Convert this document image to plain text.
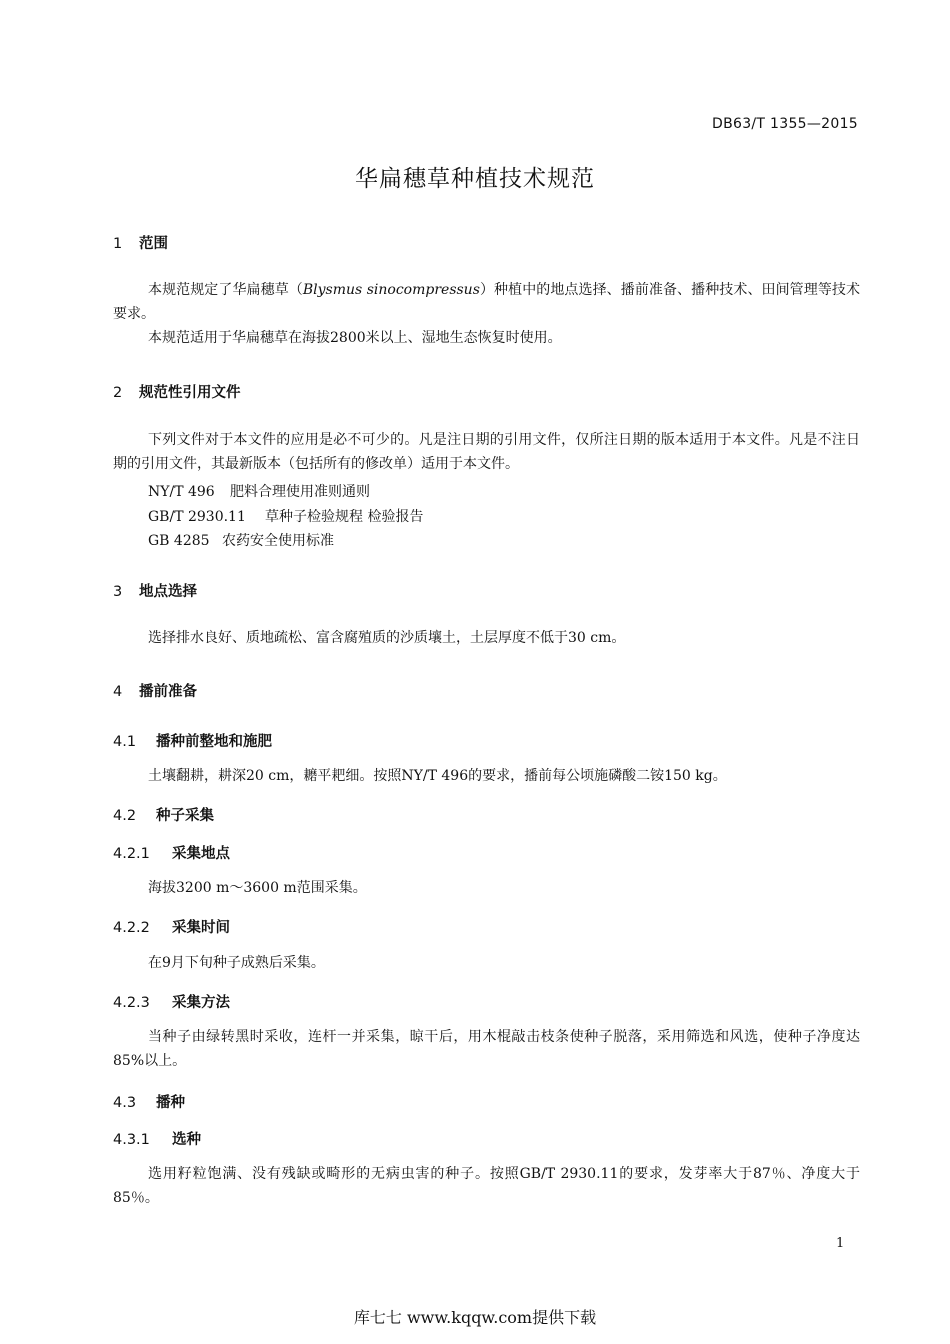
DB63/T 1355—2015
华扁穗草种植技术规范
1 范围
本规范规定了华扁穗草（Blysmus sinocompressus）种植中的地点选择、播前准备、播种技术、田间管理等技术要求。
本规范适用于华扁穗草在海拔2800米以上、湿地生态恢复时使用。
2 规范性引用文件
下列文件对于本文件的应用是必不可少的。凡是注日期的引用文件，仅所注日期的版本适用于本文件。凡是不注日期的引用文件，其最新版本（包括所有的修改单）适用于本文件。
NY/T 496 肥料合理使用准则通则
GB/T 2930.11 草种子检验规程 检验报告
GB 4285 农药安全使用标准
3 地点选择
选择排水良好、质地疏松、富含腐殖质的沙质壤土，土层厚度不低于30 cm。
4 播前准备
4.1 播种前整地和施肥
土壤翻耕，耕深20 cm，耱平耙细。按照NY/T 496的要求，播前每公顷施磷酸二铵150 kg。
4.2 种子采集
4.2.1 采集地点
海拔3200 m～3600 m范围采集。
4.2.2 采集时间
在9月下旬种子成熟后采集。
4.2.3 采集方法
当种子由绿转黑时采收，连杆一并采集，晾干后，用木棍敲击枝条使种子脱落，采用筛选和风选，使种子净度达85%以上。
4.3 播种
4.3.1 选种
选用籽粒饱满、没有残缺或畸形的无病虫害的种子。按照GB/T 2930.11的要求，发芽率大于87％、净度大于85％。
1
库七七 www.kqqw.com提供下载
